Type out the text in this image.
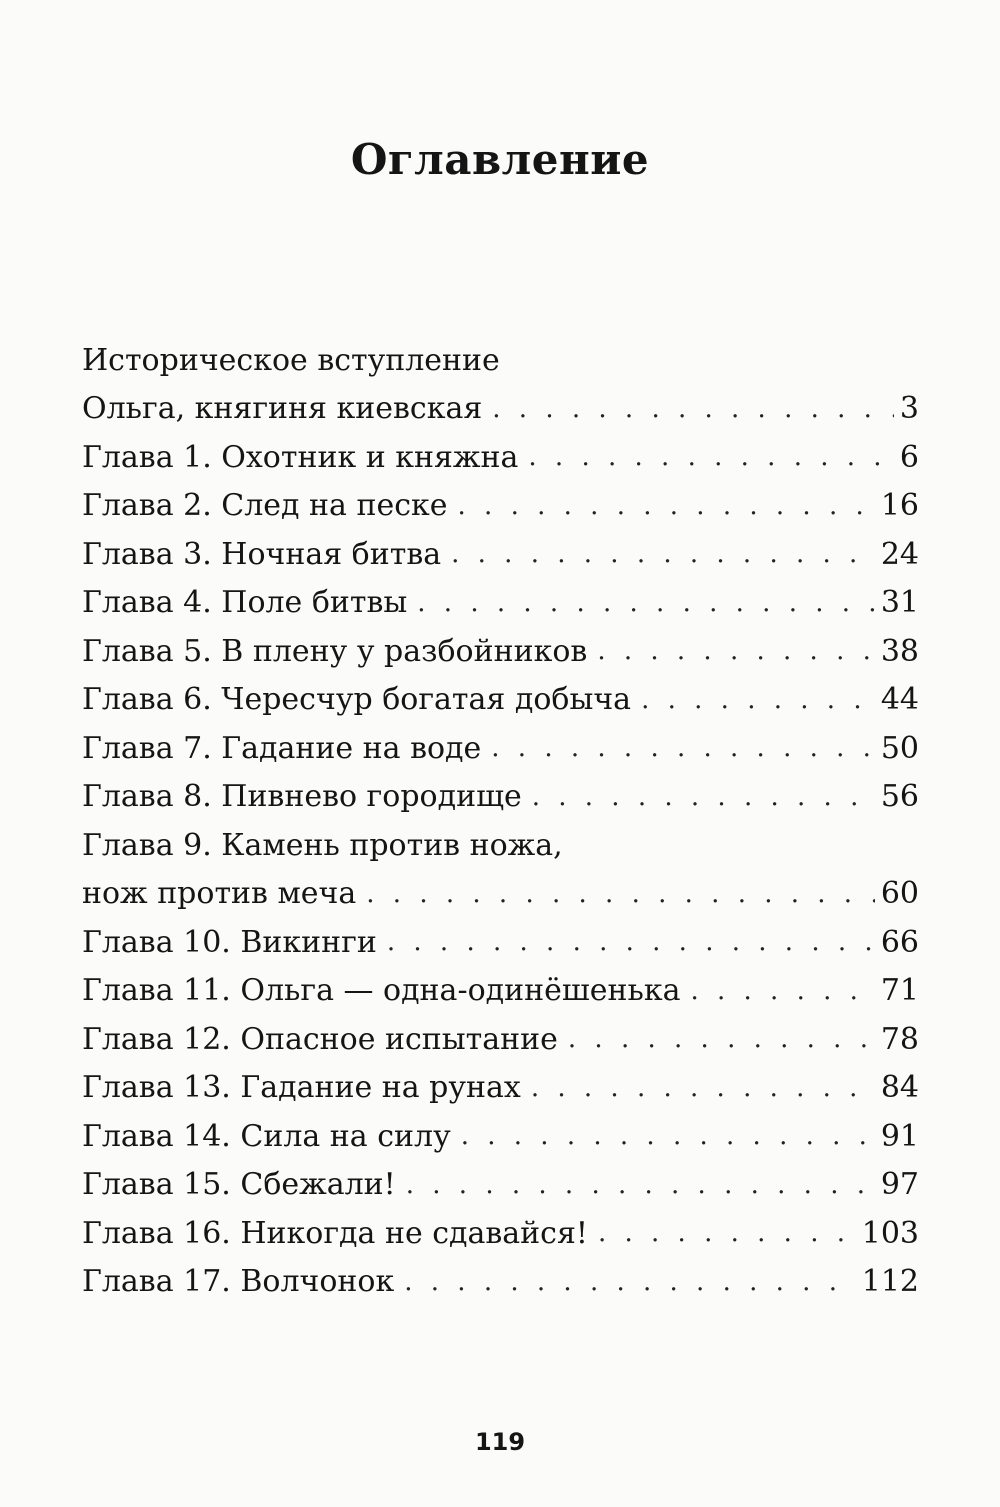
Оглавление
Историческое вступление
Ольга, княгиня киевская . . .	3
Глава 1. Охотник и княжна . . .	6
Глава 2. След на песке . . .	16
Глава 3. Ночная битва . . .	24
Глава 4. Поле битвы . . .	31
Глава 5. В плену у разбойников . . .	38
Глава 6. Чересчур богатая добыча . . .	44
Глава 7. Гадание на воде . . .	50
Глава 8. Пивнево городище . . .	56
Глава 9. Камень против ножа,
нож против меча . . .	60
Глава 10. Викинги . . .	66
Глава 11. Ольга — одна-одинёшенька . . .	71
Глава 12. Опасное испытание . . .	78
Глава 13. Гадание на рунах . . .	84
Глава 14. Сила на силу . . .	91
Глава 15. Сбежали! . . .	97
Глава 16. Никогда не сдавайся! . . .	103
Глава 17. Волчонок . . .	112
119
